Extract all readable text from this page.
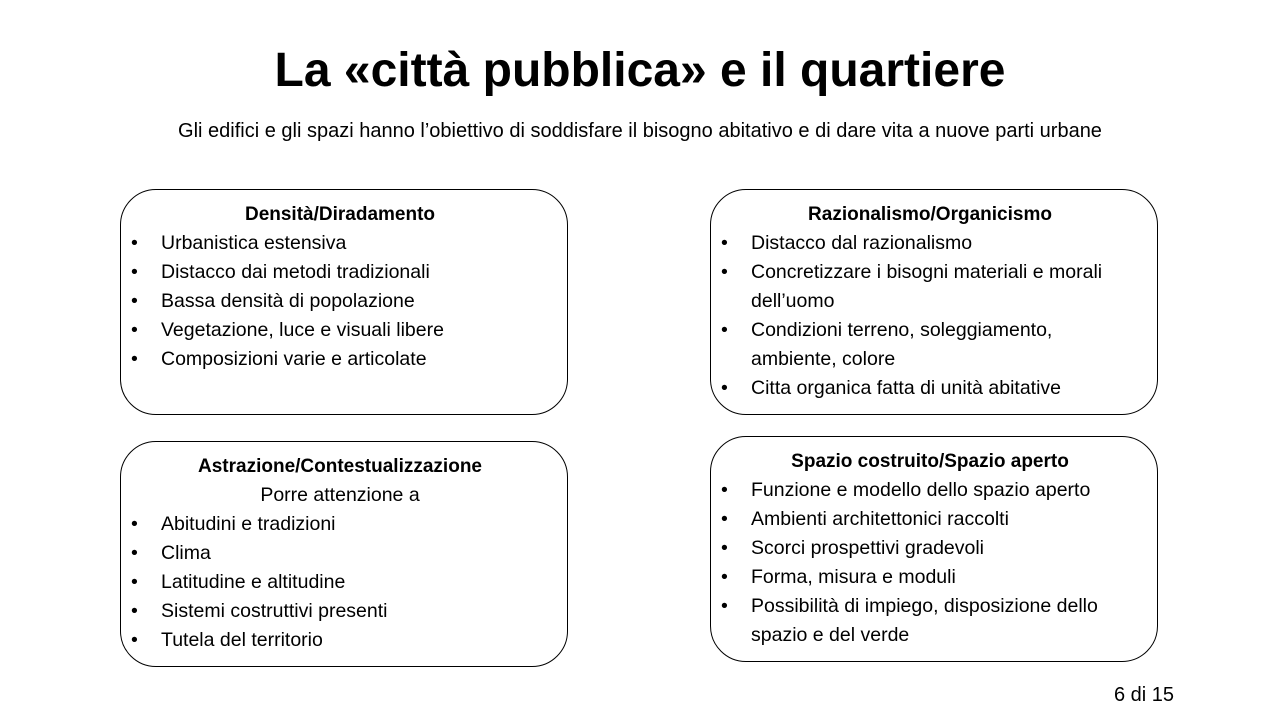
La «città pubblica» e il quartiere
Gli edifici e gli spazi hanno l’obiettivo di soddisfare il bisogno abitativo e di dare vita a nuove parti urbane
Densità/Diradamento
•	Urbanistica estensiva
•	Distacco dai metodi tradizionali
•	Bassa densità di popolazione
•	Vegetazione, luce e visuali libere
•	Composizioni varie e articolate
Razionalismo/Organicismo
•	Distacco dal razionalismo
•	Concretizzare i bisogni materiali e morali dell’uomo
•	Condizioni terreno, soleggiamento, ambiente, colore
•	Citta organica fatta di unità abitative
Astrazione/Contestualizzazione
Porre attenzione a
•	Abitudini e tradizioni
•	Clima
•	Latitudine e altitudine
•	Sistemi costruttivi presenti
•	Tutela del territorio
Spazio costruito/Spazio aperto
•	Funzione e modello dello spazio aperto
•	Ambienti architettonici raccolti
•	Scorci prospettivi gradevoli
•	Forma, misura e moduli
•	Possibilità di impiego, disposizione dello spazio e del verde
6 di 15
